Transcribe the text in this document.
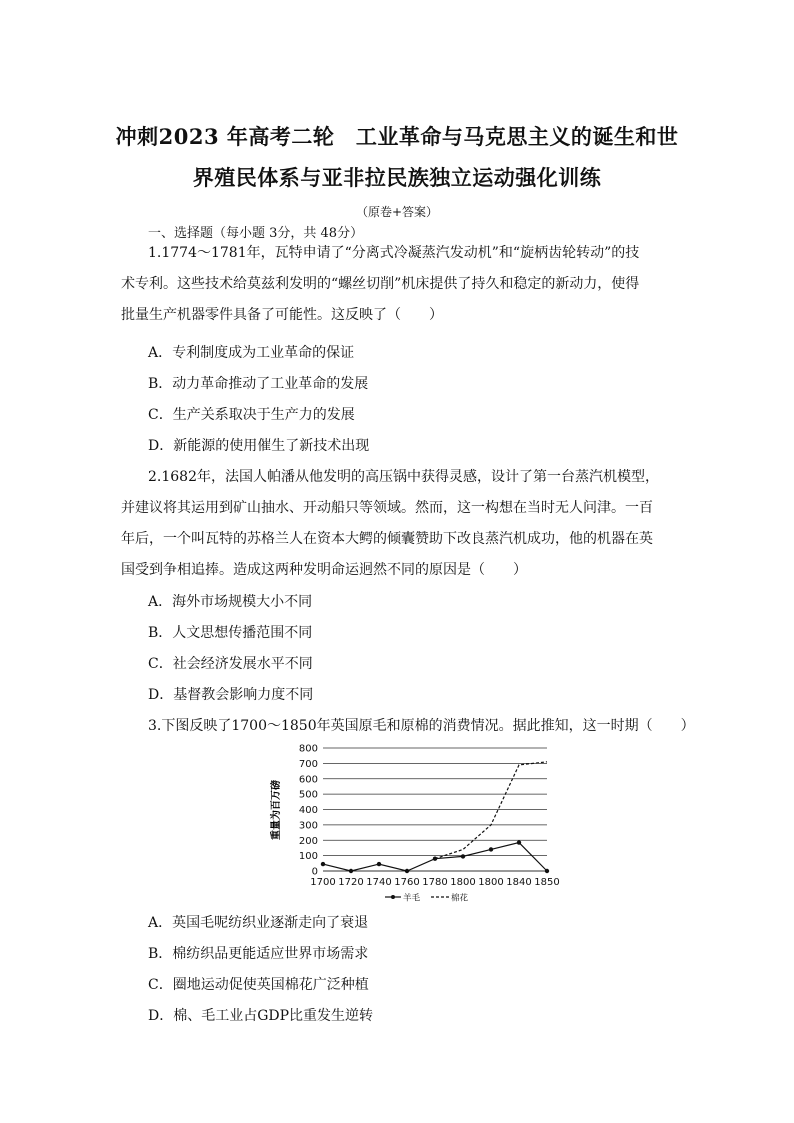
冲刺2023 年高考二轮　工业革命与马克思主义的诞生和世
界殖民体系与亚非拉民族独立运动强化训练
（原卷+答案）
一、选择题（每小题 3分，共 48分）
1.1774～1781年，瓦特申请了“分离式冷凝蒸汽发动机”和“旋柄齿轮转动”的技
术专利。这些技术给莫兹利发明的“螺丝切削”机床提供了持久和稳定的新动力，使得
批量生产机器零件具备了可能性。这反映了（　　）
A．专利制度成为工业革命的保证
B．动力革命推动了工业革命的发展
C．生产关系取决于生产力的发展
D．新能源的使用催生了新技术出现
2.1682年，法国人帕潘从他发明的高压锅中获得灵感，设计了第一台蒸汽机模型，
并建议将其运用到矿山抽水、开动船只等领域。然而，这一构想在当时无人问津。一百
年后，一个叫瓦特的苏格兰人在资本大鳄的倾囊赞助下改良蒸汽机成功，他的机器在英
国受到争相追捧。造成这两种发明命运迥然不同的原因是（　　）
A．海外市场规模大小不同
B．人文思想传播范围不同
C．社会经济发展水平不同
D．基督教会影响力度不同
3.下图反映了1700～1850年英国原毛和原棉的消费情况。据此推知，这一时期（　　）
0
100
200
300
400
500
600
700
800
1700 1720 1740 1760 1780 1800 1800 1840 1850
重量为百万磅
羊毛	棉花
A．英国毛呢纺织业逐渐走向了衰退
B．棉纺织品更能适应世界市场需求
C．圈地运动促使英国棉花广泛种植
D．棉、毛工业占GDP比重发生逆转
